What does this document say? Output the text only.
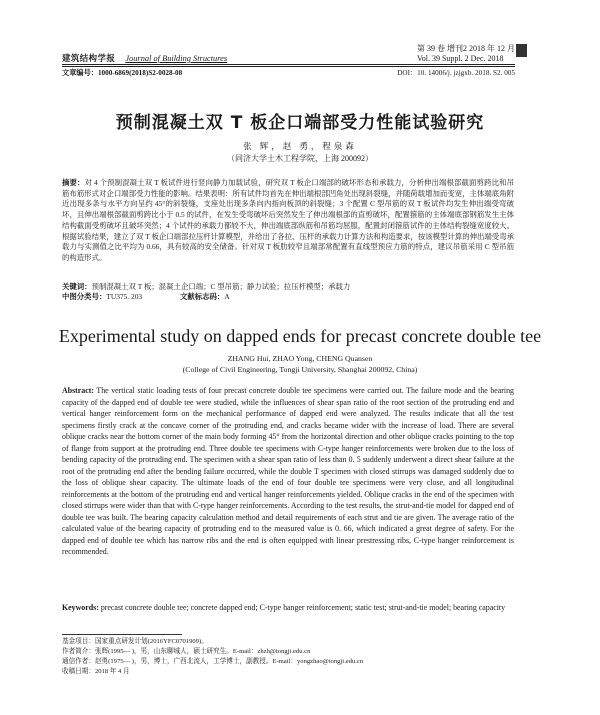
建筑结构学报 Journal of Building Structures
第 39 卷 增刊2 2018 年 12 月
Vol. 39 Suppl. 2 Dec. 2018
文章编号：1000-6869(2018)S2-0028-08	DOI：10. 14006/j. jzjgxb. 2018. S2. 005
预制混凝土双 T 板企口端部受力性能试验研究
张 辉，赵 勇，程泉森
（同济大学土木工程学院，上海 200092）
摘要：对 4 个预制混凝土双 T 板试件进行竖向静力加载试验，研究双 T 板企口端部的破坏形态和承载力，分析伸出端根部截面剪跨比和吊筋布筋形式对企口端部受力性能的影响。结果表明：所有试件均首先在伸出端根部凹角处出现斜裂缝，并随荷载增加而变宽，主体端底角附近出现多条与水平方向呈约 45°的斜裂缝，支座处出现多条向内指向板顶的斜裂缝；3 个配置 C 型吊筋的双 T 板试件均发生伸出端受弯破坏，且伸出端根部截面剪跨比小于 0.5 的试件，在发生受弯破坏后突然发生了伸出端根部的直剪破坏，配置箍筋的主体端底部钢筋发生主体结构截面受剪破坏且破坏突然；4 个试件的承载力都较不大，伸出端底部纵筋和吊筋均屈服，配置封闭箍筋试件的主体结构裂缝宽度较大。根据试验结果，建立了双 T 板企口端部拉压杆计算模型，并给出了各拉、压杆的承载力计算方法和构造要求，按该模型计算的伸出端受弯承载力与实测值之比平均为 0.66，具有较高的安全储备。针对双 T 板肋较窄且端部常配置有直线型预应力筋的特点，建议吊筋采用 C 型吊筋的构造形式。
关键词：预制混凝土双 T 板；混凝土企口端；C 型吊筋；静力试验；拉压杆模型；承载力
中图分类号：TU375. 203	文献标志码：A
Experimental study on dapped ends for precast concrete double tee
ZHANG Hui, ZHAO Yong, CHENG Quansen
(College of Civil Engineering, Tongji University, Shanghai 200092, China)
Abstract: The vertical static loading tests of four precast concrete double tee specimens were carried out. The failure mode and the bearing capacity of the dapped end of double tee were studied, while the influences of shear span ratio of the root section of the protruding end and vertical hanger reinforcement form on the mechanical performance of dapped end were analyzed. The results indicate that all the test specimens firstly crack at the concave corner of the protruding end, and cracks became wider with the increase of load. There are several oblique cracks near the bottom corner of the main body forming 45° from the horizontal direction and other oblique cracks pointing to the top of flange from support at the protruding end. Three double tee specimens with C-type hanger reinforcements were broken due to the loss of bending capacity of the protruding end. The specimen with a shear span ratio of less than 0. 5 suddenly underwent a direct shear failure at the root of the protruding end after the bending failure occurred, while the double T specimen with closed stirrups was damaged suddenly due to the loss of oblique shear capacity. The ultimate loads of the end of four double tee specimens were very close, and all longitudinal reinforcements at the bottom of the protruding end and vertical hanger reinforcements yielded. Oblique cracks in the end of the specimen with closed stirrups were wider than that with C-type hanger reinforcements. According to the test results, the strut-and-tie model for dapped end of double tee was built. The bearing capacity calculation method and detail requirements of each strut and tie are given. The average ratio of the calculated value of the bearing capacity of protruding end to the measured value is 0. 66, which indicated a great degree of safety. For the dapped end of double tee which has narrow ribs and the end is often equipped with linear prestressing ribs, C-type hanger reinforcement is recommended.
Keywords: precast concrete double tee; concrete dapped end; C-type hanger reinforcement; static test; strut-and-tie model; bearing capacity
基金项目：国家重点研发计划(2016YFC0701909)。
作者简介：张辉(1995— )，男，山东聊城人，硕士研究生。E-mail：zhzh@tongji.edu.cn
通信作者：赵勇(1975— )，男，博士，广西北流人，工学博士，副教授。E-mail：yongzhao@tongji.edu.cn
收稿日期：2018 年 4 月
